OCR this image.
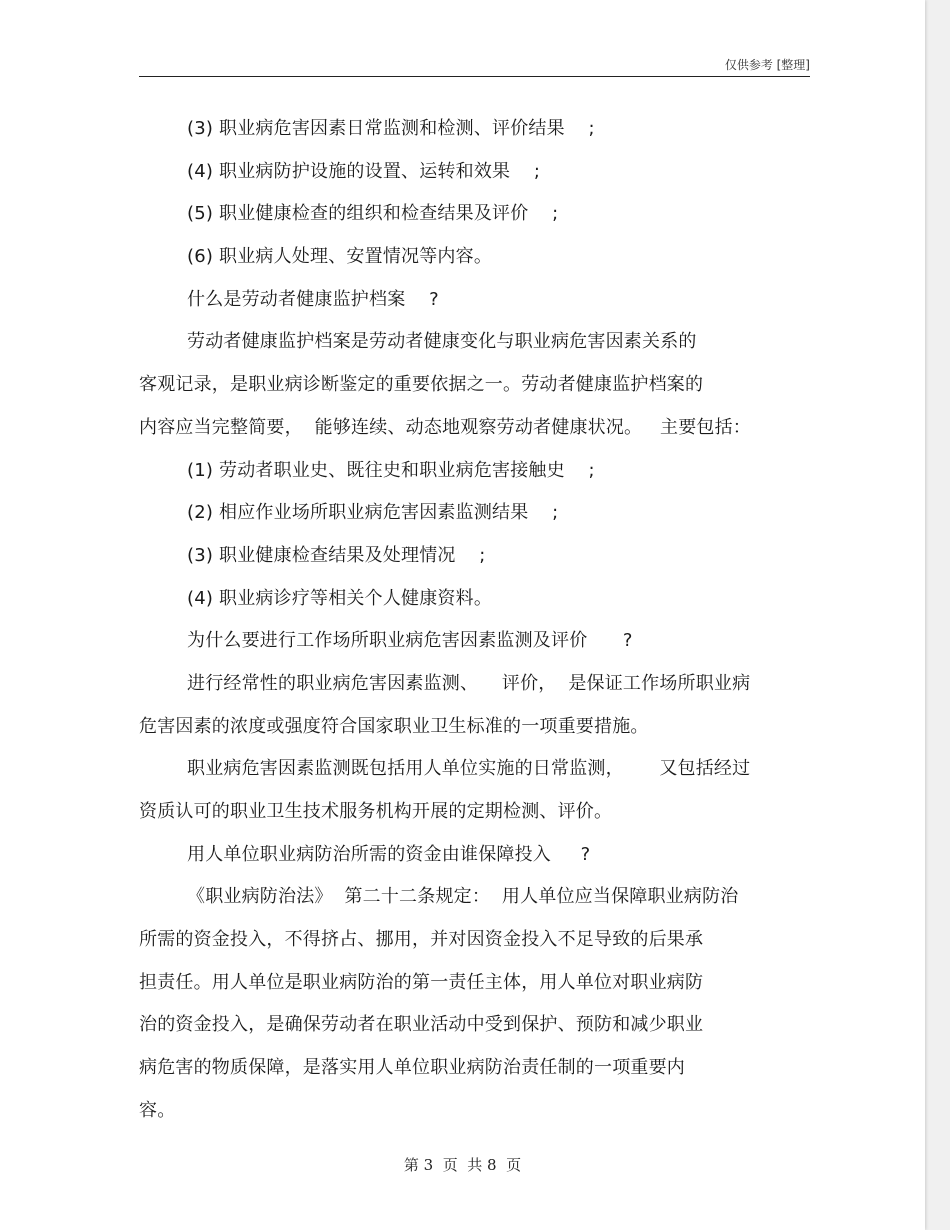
仅供参考 [整理]
(3) 职业病危害因素日常监测和检测、评价结果    ;
(4) 职业病防护设施的设置、运转和效果    ;
(5) 职业健康检查的组织和检查结果及评价    ;
(6) 职业病人处理、安置情况等内容。
什么是劳动者健康监护档案    ?
劳动者健康监护档案是劳动者健康变化与职业病危害因素关系的
客观记录，是职业病诊断鉴定的重要依据之一。劳动者健康监护档案的
内容应当完整简要，  能够连续、动态地观察劳动者健康状况。   主要包括：
(1) 劳动者职业史、既往史和职业病危害接触史    ;
(2) 相应作业场所职业病危害因素监测结果    ;
(3) 职业健康检查结果及处理情况    ;
(4) 职业病诊疗等相关个人健康资料。
为什么要进行工作场所职业病危害因素监测及评价      ?
进行经常性的职业病危害因素监测、    评价，  是保证工作场所职业病
危害因素的浓度或强度符合国家职业卫生标准的一项重要措施。
职业病危害因素监测既包括用人单位实施的日常监测，      又包括经过
资质认可的职业卫生技术服务机构开展的定期检测、评价。
用人单位职业病防治所需的资金由谁保障投入     ?
《职业病防治法》  第二十二条规定：  用人单位应当保障职业病防治
所需的资金投入，不得挤占、挪用，并对因资金投入不足导致的后果承
担责任。用人单位是职业病防治的第一责任主体，用人单位对职业病防
治的资金投入，是确保劳动者在职业活动中受到保护、预防和减少职业
病危害的物质保障，是落实用人单位职业病防治责任制的一项重要内
容。
第 3  页  共 8  页
